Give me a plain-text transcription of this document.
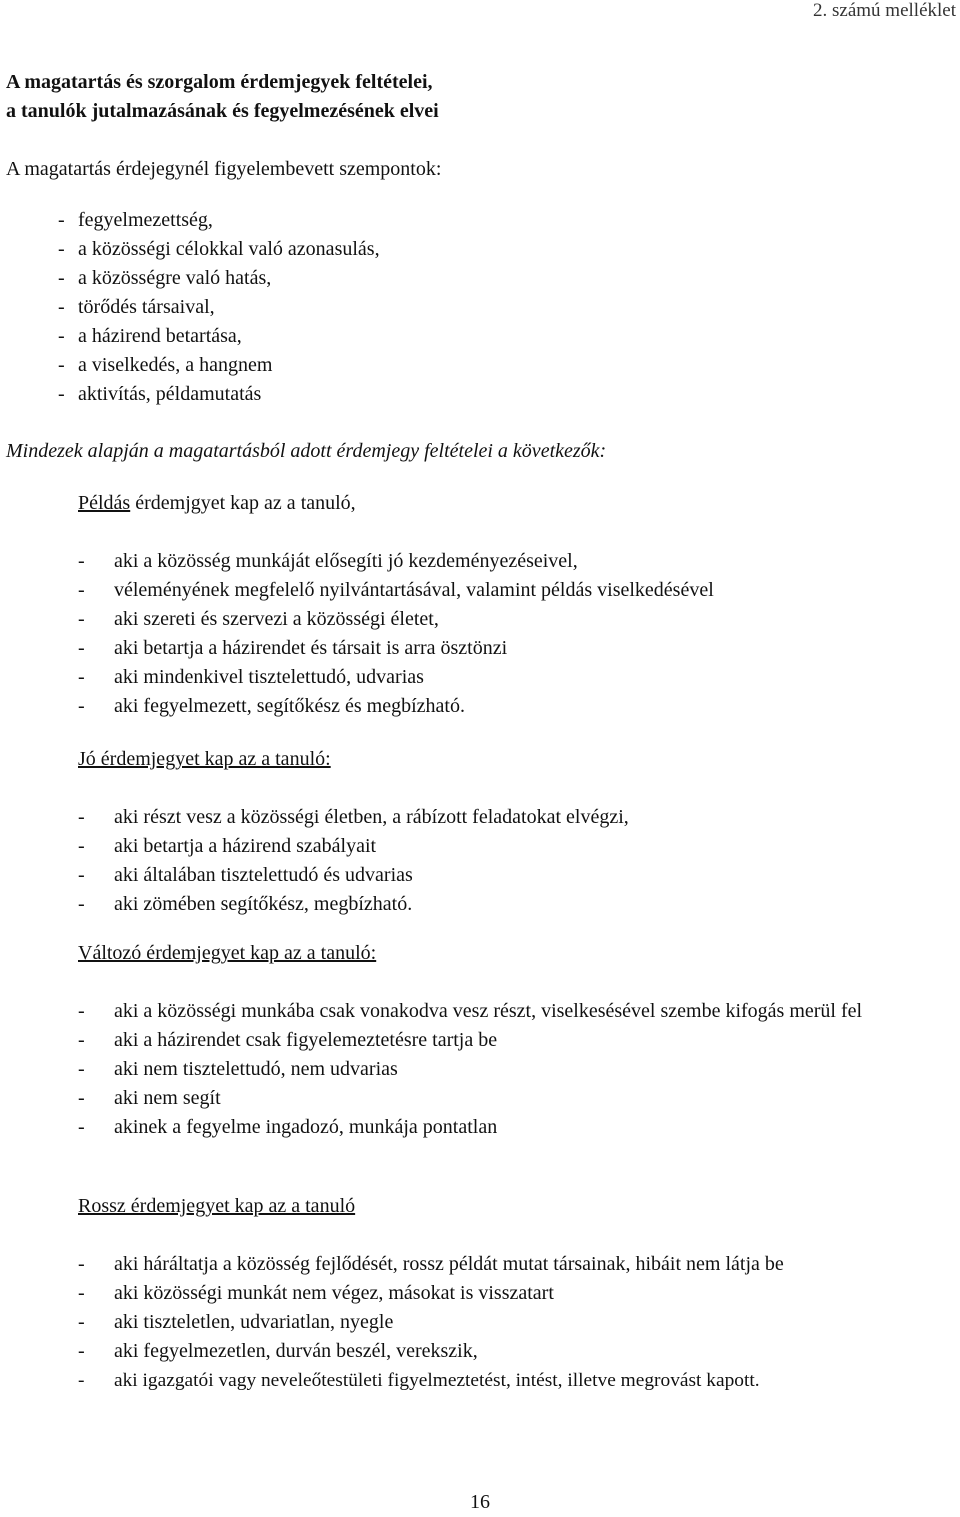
2. számú melléklet
A magatartás és szorgalom érdemjegyek feltételei,
a tanulók jutalmazásának és fegyelmezésének elvei
A magatartás érdejegynél figyelembevett szempontok:
- fegyelmezettség,
- a közösségi célokkal való azonasulás,
- a közösségre való hatás,
- törődés társaival,
- a házirend betartása,
- a viselkedés, a hangnem
- aktivítás, példamutatás
Mindezek alapján a magatartásból adott érdemjegy feltételei a következők:
Példás érdemjgyet kap az a tanuló,
- aki a közösség munkáját elősegíti jó kezdeményezéseivel,
- véleményének megfelelő nyilvántartásával, valamint példás viselkedésével
- aki szereti és szervezi a közösségi életet,
- aki betartja a házirendet és társait is arra ösztönzi
- aki mindenkivel tisztelettudó, udvarias
- aki fegyelmezett, segítőkész és megbízható.
Jó érdemjegyet kap az a tanuló:
- aki részt vesz a közösségi életben, a rábízott feladatokat elvégzi,
- aki betartja a házirend szabályait
- aki általában tisztelettudó és udvarias
- aki zömében segítőkész, megbízható.
Változó érdemjegyet kap az a tanuló:
- aki a közösségi munkába csak vonakodva vesz részt, viselkesésével szembe kifogás merül fel
- aki a házirendet csak figyelemeztetésre tartja be
- aki nem tisztelettudó, nem udvarias
- aki nem segít
- akinek a fegyelme ingadozó, munkája pontatlan
Rossz érdemjegyet kap az a tanuló
- aki háráltatja a közösség fejlődését, rossz példát mutat társainak, hibáit nem látja be
- aki közösségi munkát nem végez, másokat is visszatart
- aki tiszteletlen, udvariatlan, nyegle
- aki fegyelmezetlen, durván beszél, verekszik,
- aki igazgatói vagy neveleőtestületi figyelmeztetést, intést, illetve megrovást kapott.
16
